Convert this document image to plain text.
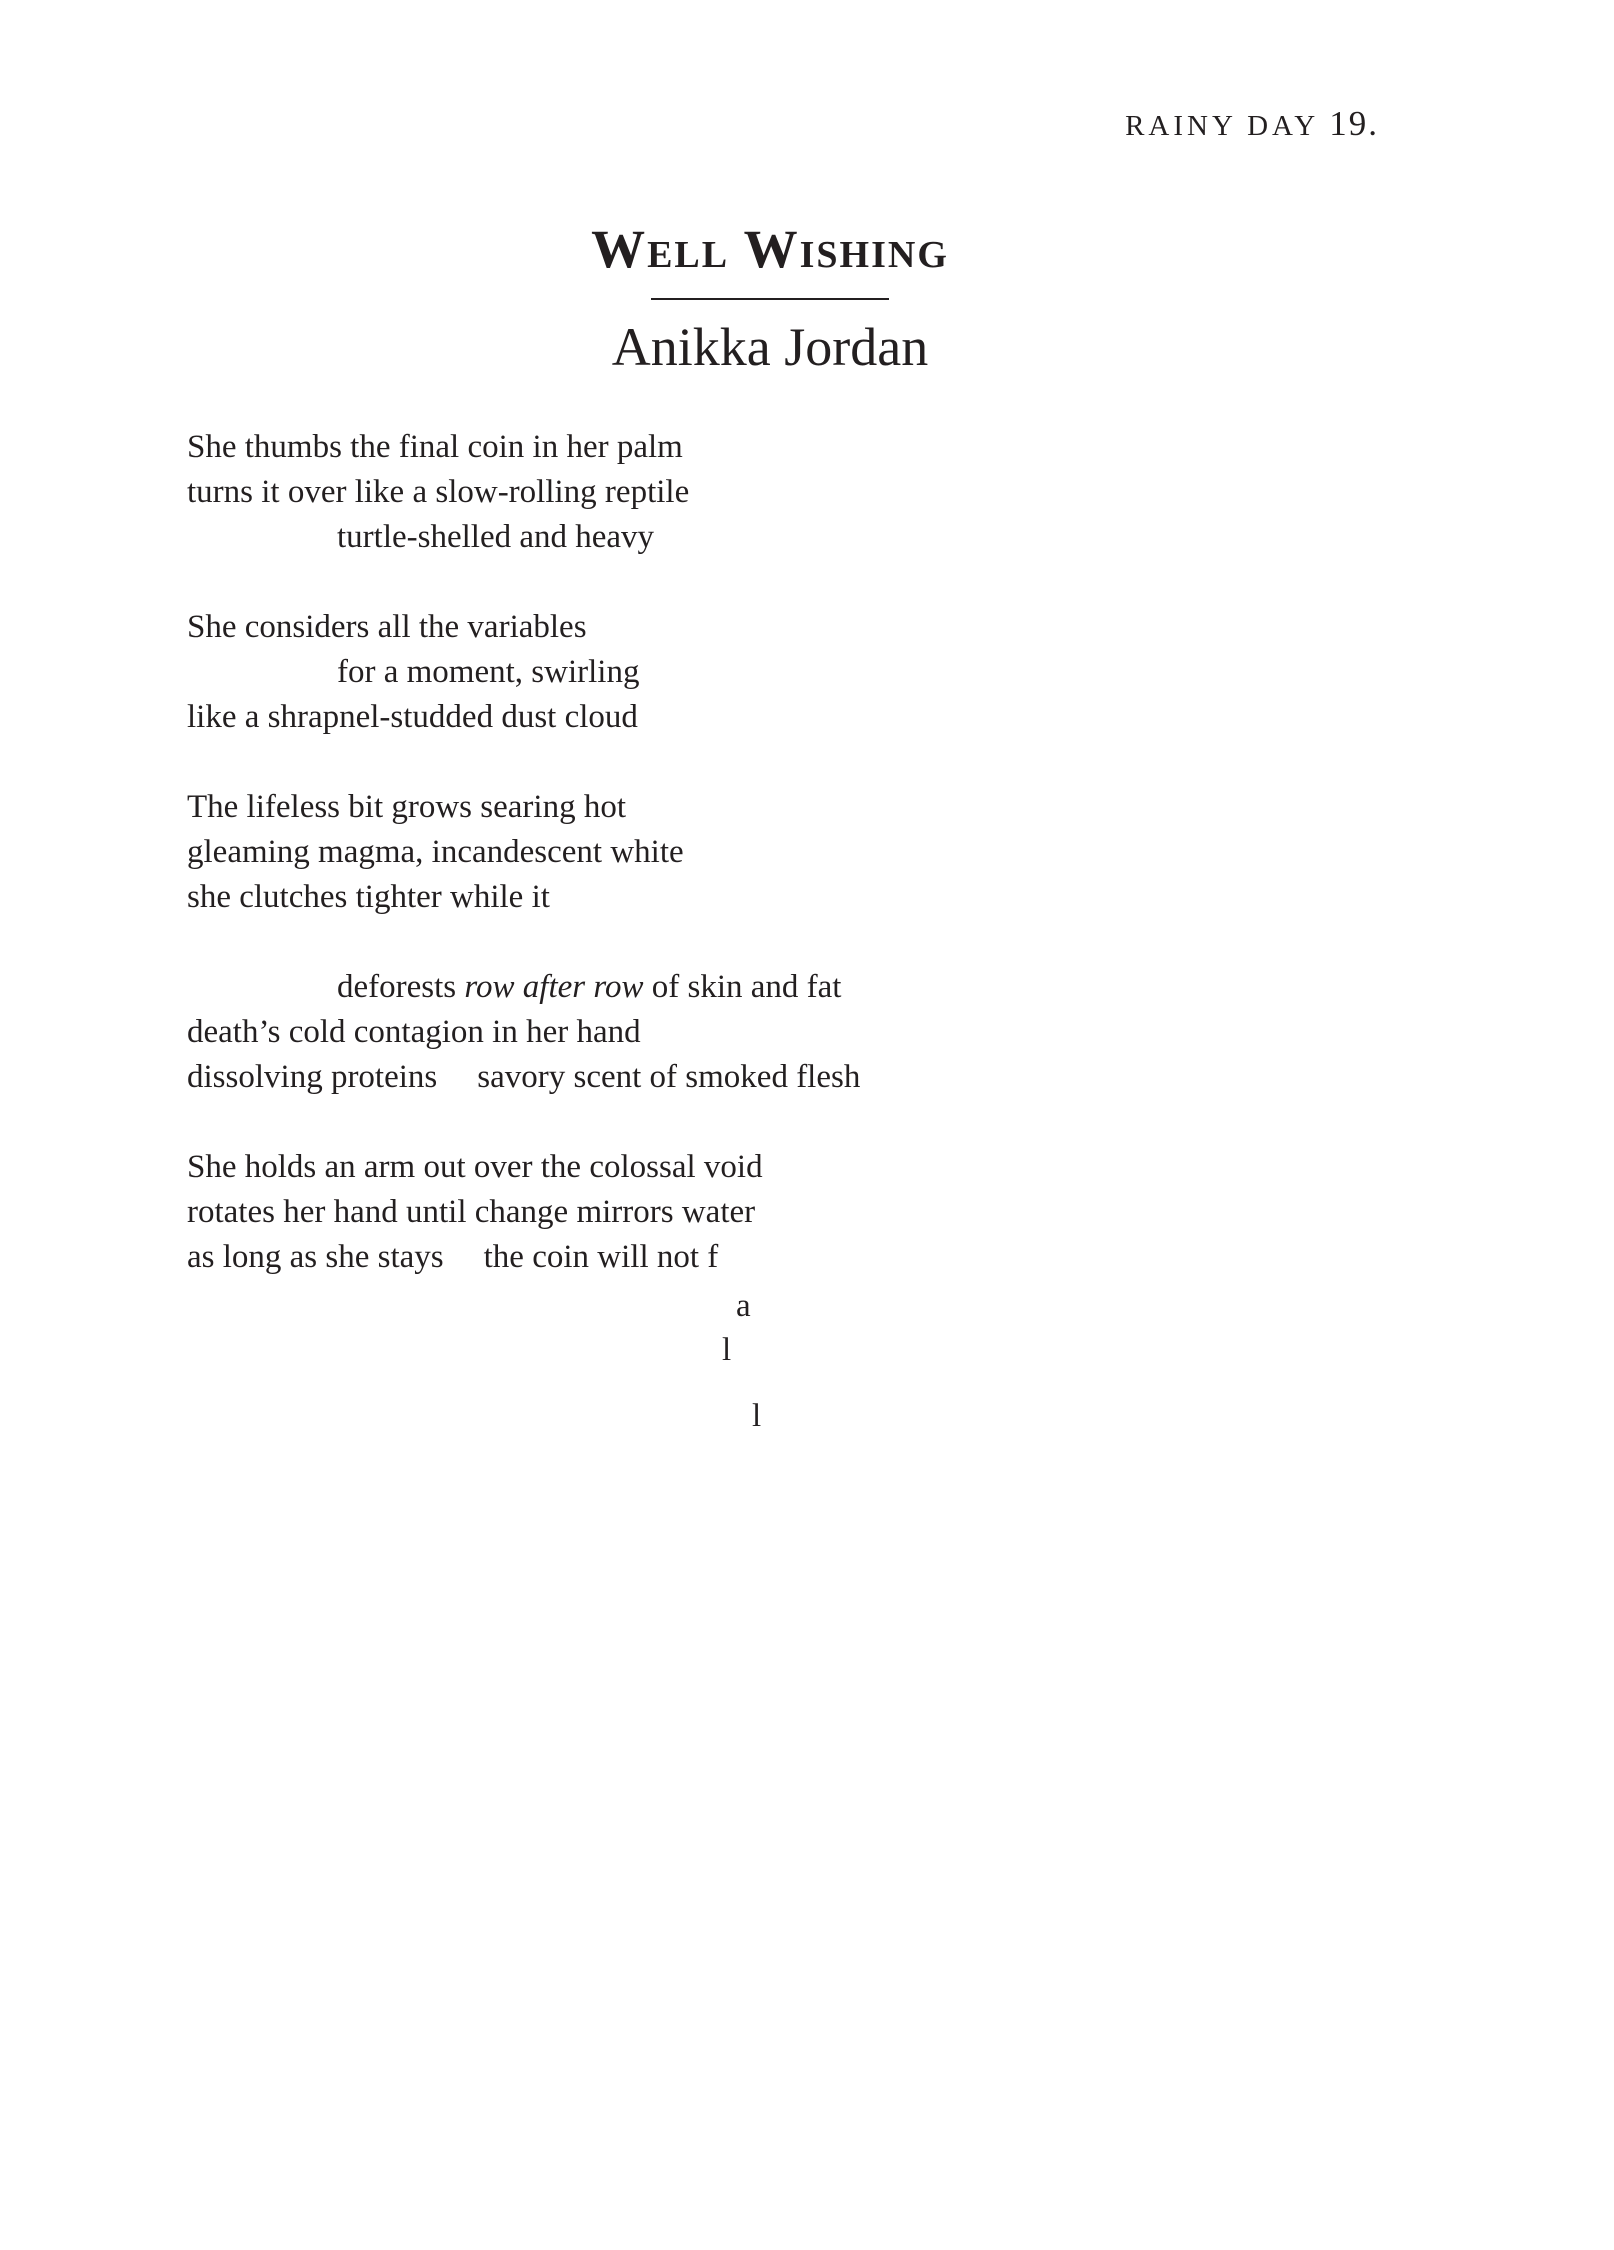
RAINY DAY 19.
Well Wishing
Anikka Jordan
She thumbs the final coin in her palm
turns it over like a slow-rolling reptile
turtle-shelled and heavy
She considers all the variables
for a moment, swirling
like a shrapnel-studded dust cloud
The lifeless bit grows searing hot
gleaming magma, incandescent white
she clutches tighter while it
deforests row after row of skin and fat
death’s cold contagion in her hand
dissolving proteins savory scent of smoked flesh
She holds an arm out over the colossal void
rotates her hand until change mirrors water
as long as she stays the coin will not f
a
l
l
